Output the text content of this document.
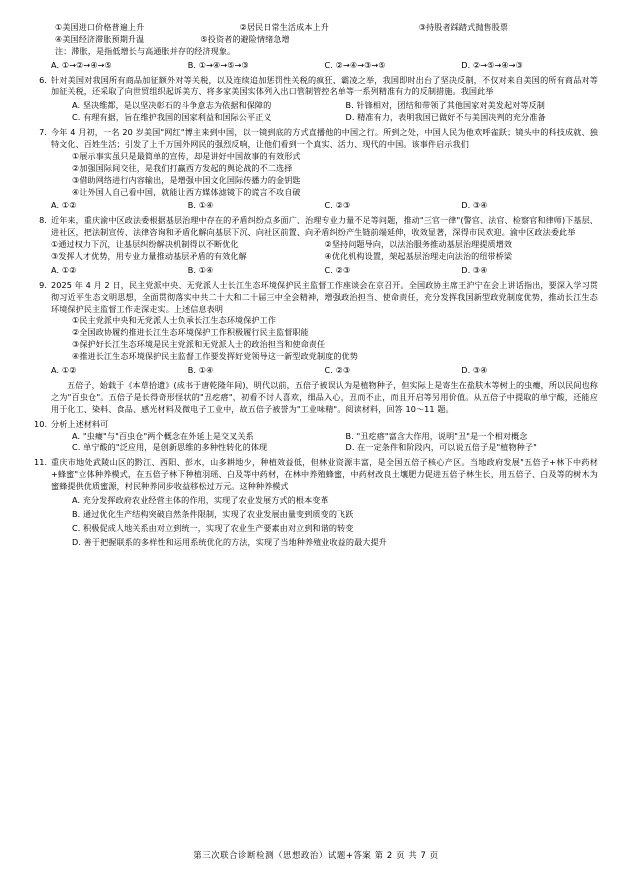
①美国进口价格普遍上升	②居民日常生活成本上升	③持股者踩踏式抛售股票
④美国经济滞胀预期升温                     ⑤投资者的避险情绪急增
注：滞胀，是指低增长与高通胀并存的经济现象。
A. ①→②→④→⑤	B. ①→④→⑤→③	C. ②→④→③→⑤	D. ②→⑤→④→③
6. 针对美国对我国所有商品加征额外对等关税，以及连续追加惩罚性关税的疯狂、霸凌之举，我国即时出台了坚决反制，不仅对来自美国的所有商品对等加征关税，还采取了向世贸组织起诉美方、将多家美国实体列入出口管制管控名单等一系列精准有力的反制措施。我国此举
A. 坚决维都，是以坚决彰石的斗争意志为依据和保障的	B. 针锋相对，团结和带领了其他国家对美发起对等反制
C. 有理有据，旨在维护我国的国家利益和国际公平正义	D. 精准有力，表明我国已做好不与美国决判的充分准备
7. 今年 4 月初，一名 20 岁美国"网红"博主来到中国，以一镜到底的方式直播他的中国之行。所到之处，中国人民为他欢呼雀跃；镜头中的科技成就、独特文化、百姓生活；引发了上千万国外网民的强烈反响，让他们看到一个真实、活力、现代的中国。该事件启示我们
①展示事实虽只是最简单的宣传，却是讲好中国故事的有效形式
②加强国际间交往，是我们打赢西方发起的舆论战的不二选择
③借助网络进行内容输出，是增强中国文化国际传播力的金钥匙
④让外国人自己看中国，就能让西方媒体滤镜下的谎言不攻自破
A. ①②	B. ①④	C. ②③	D. ③④
8. 近年来，重庆渝中区政法委根据基层治理中存在的矛盾纠纷点多面广、治理专业力量不足等问题，推动"三官一律"(警官、法官、检察官和律师)下基层、进社区，把法制宣传、法律咨询和矛盾化解向基层下沉、向社区前置、向矛盾纠纷产生链前端延伸，收效显著，深得市民欢迎。渝中区政法委此举
①通过权力下沉，让基层纠纷解决机制得以不断优化	②坚持问题导向，以法治服务推动基层治理提质增效
③发挥人才优势，用专业力量推动基层矛盾的有效化解	④优化机构设置，架起基层治理走向法治的纽带桥梁
A. ①②	B. ①④	C. ②③	D. ③④
9. 2025 年 4 月 2 日，民主党派中央、无党派人士长江生态环境保护民主监督工作座谈会在京召开。全国政协主席王沪宁在会上讲话指出，要深入学习贯彻习近平生态文明思想，全面贯彻落实中共二十大和二十届三中全会精神，增强政治担当、使命责任，充分发挥我国新型政党制度优势，推动长江生态环境保护民主监督工作走深走实。上述信息表明
①民主党派中央和无党派人士负承长江生态环境保护工作
②全国政协履约推进长江生态环境保护工作积极履行民主监督职能
③保护好长江生态环境是民主党派和无党派人士的政治担当和使命责任
④推进长江生态环境保护民主监督工作要发挥好党领导这一新型政党制度的优势
A. ①②	B. ①④	C. ②③	D. ③④
五倍子，始载于《本草拾遗》(成书于唐乾隆年间)，明代以前，五倍子被误认为是植物种子，但实际上是寄生在盐肤木等树上的虫瘿，所以民间也称之为"百虫仓"。五倍子是长得奇形怪状的"丑疙瘩"，初看不讨人喜欢，细品入心，丑而不止，而且开启等另用价值。从五倍子中提取的单宁酸，还能应用于化工、染料、食品、感光材料及微电子工业中，故五倍子被誉为"工业味精"。阅读材料，回答 10～11 题。
10. 分析上述材料可
A. "虫瘿"与"百虫仓"两个概念在外延上是交叉关系	B. "丑疙瘩"富含大作用，说明"丑"是一个相对概念
C. 单宁酸的"泛应用，是创新思维的多种性转化的体现	D. 在一定条件和阶段内，可以说五倍子是"植物种子"
11. 重庆市地处武陵山区的黔江、西阳、彭水，山多耕地少，种植效益低，但林业资源丰富，是全国五倍子核心产区。当地政府发展"五倍子+林下中药材+蜂蜜"立体种养模式，在五倍子林下种植羽瑶、白及等中药材，在林中养殖蜂蜜，中药材改良土壤肥力促进五倍子林生长，用五倍子、白及等的树木为蜜蜂提供优质蜜源，村民种养同步收益移松过万元。这种种养模式
A. 充分发挥政府农业经营主体的作用，实现了农业发展方式的根本变革
B. 通过优化生产结构突破自然条件限制，实现了农业发展由量变到质变的飞跃
C. 积极促成人地关系由对立到统一，实现了农业生产要素由对立到和谐的转变
D. 善于把握联系的多样性和运用系统优化的方法，实现了当地种养殖业收益的最大提升
第三次联合诊断检测（思想政治）试题+答案 第 2 页 共 7 页
